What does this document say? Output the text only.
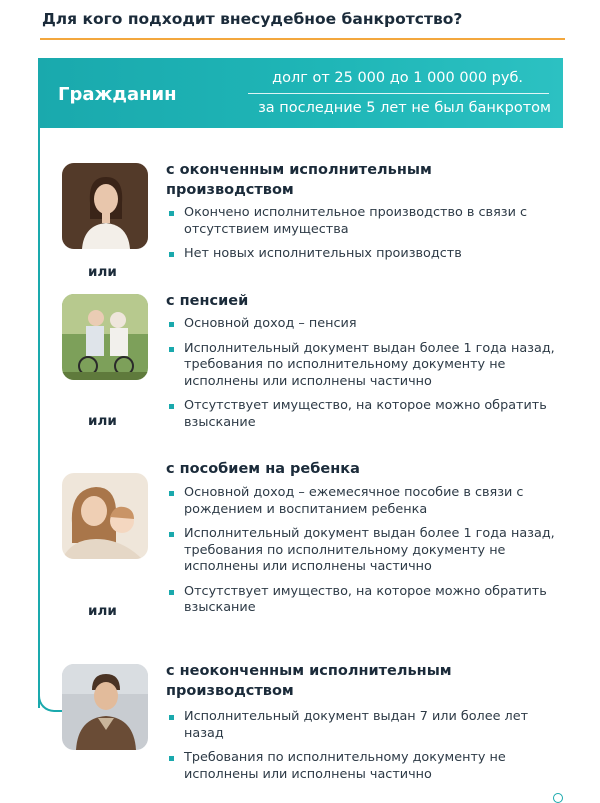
Для кого подходит внесудебное банкротство?
Гражданин
долг от 25 000 до 1 000 000 руб.
за последние 5 лет не был банкротом
с оконченным исполнительным
производством
Окончено исполнительное производство в связи с отсутствием имущества
Нет новых исполнительных производств
или
с пенсией
Основной доход – пенсия
Исполнительный документ выдан более 1 года назад, требования по исполнительному документу не исполнены или исполнены частично
Отсутствует имущество, на которое можно обратить взыскание
или
с пособием на ребенка
Основной доход – ежемесячное пособие в связи с рождением и воспитанием ребенка
Исполнительный документ выдан более 1 года назад, требования по исполнительному документу не исполнены или исполнены частично
Отсутствует имущество, на которое можно обратить взыскание
или
с неоконченным исполнительным
производством
Исполнительный документ выдан 7 или более лет назад
Требования по исполнительному документу не исполнены или исполнены частично
